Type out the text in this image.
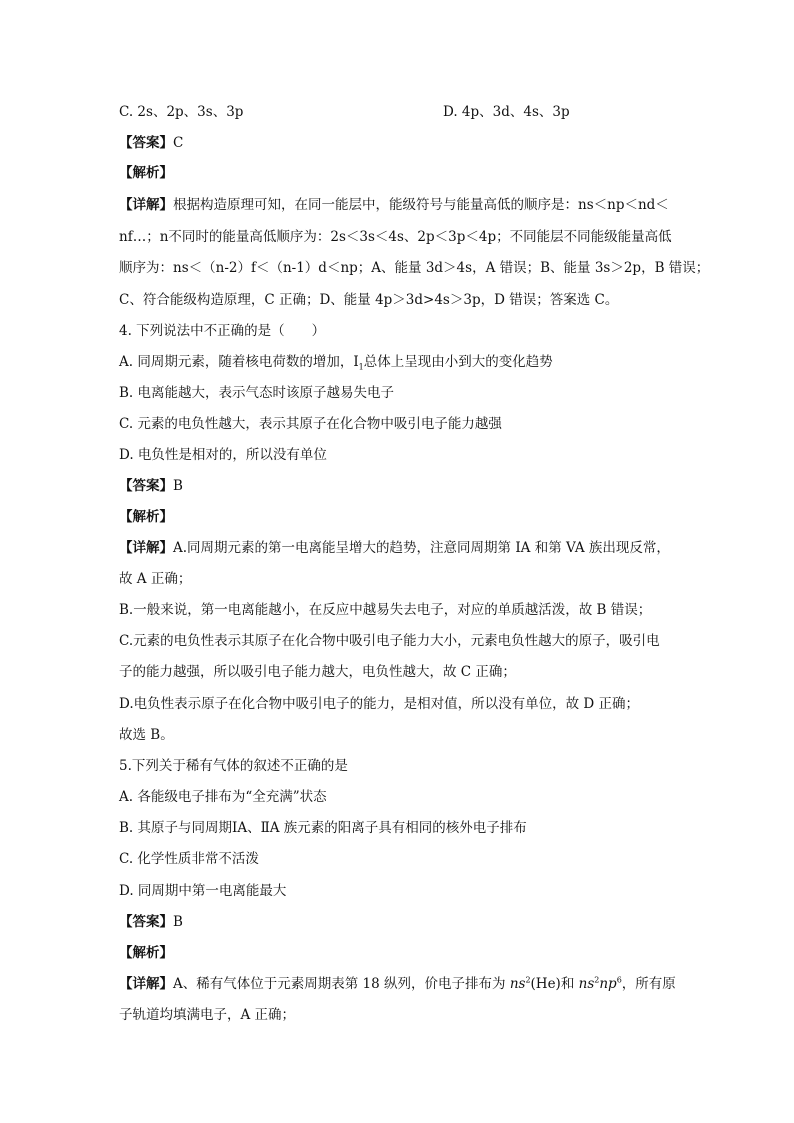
C. 2s、2p、3s、3p	D. 4p、3d、4s、3p
【答案】C
【解析】
【详解】根据构造原理可知，在同一能层中，能级符号与能量高低的顺序是：ns＜np＜nd＜
nf…；n不同时的能量高低顺序为：2s＜3s＜4s、2p＜3p＜4p；不同能层不同能级能量高低
顺序为：ns＜（n-2）f＜（n-1）d＜np；A、能量 3d＞4s，A 错误；B、能量 3s＞2p，B 错误；
C、符合能级构造原理，C 正确；D、能量 4p＞3d>4s＞3p，D 错误；答案选 C。
4. 下列说法中不正确的是（　　）
A. 同周期元素，随着核电荷数的增加，$I_1$总体上呈现由小到大的变化趋势
B. 电离能越大，表示气态时该原子越易失电子
C. 元素的电负性越大，表示其原子在化合物中吸引电子能力越强
D. 电负性是相对的，所以没有单位
【答案】B
【解析】
【详解】A.同周期元素的第一电离能呈增大的趋势，注意同周期第 IA 和第 VA 族出现反常，
故 A 正确；
B.一般来说，第一电离能越小，在反应中越易失去电子，对应的单质越活泼，故 B 错误；
C.元素的电负性表示其原子在化合物中吸引电子能力大小，元素电负性越大的原子，吸引电
子的能力越强，所以吸引电子能力越大，电负性越大，故 C 正确；
D.电负性表示原子在化合物中吸引电子的能力，是相对值，所以没有单位，故 D 正确；
故选 B。
5.下列关于稀有气体的叙述不正确的是
A. 各能级电子排布为“全充满”状态
B. 其原子与同周期ⅠA、ⅡA 族元素的阳离子具有相同的核外电子排布
C. 化学性质非常不活泼
D. 同周期中第一电离能最大
【答案】B
【解析】
【详解】A、稀有气体位于元素周期表第 18 纵列，价电子排布为 $ns^2(He)$和 $ns^2np^6$，所有原
子轨道均填满电子，A 正确；
